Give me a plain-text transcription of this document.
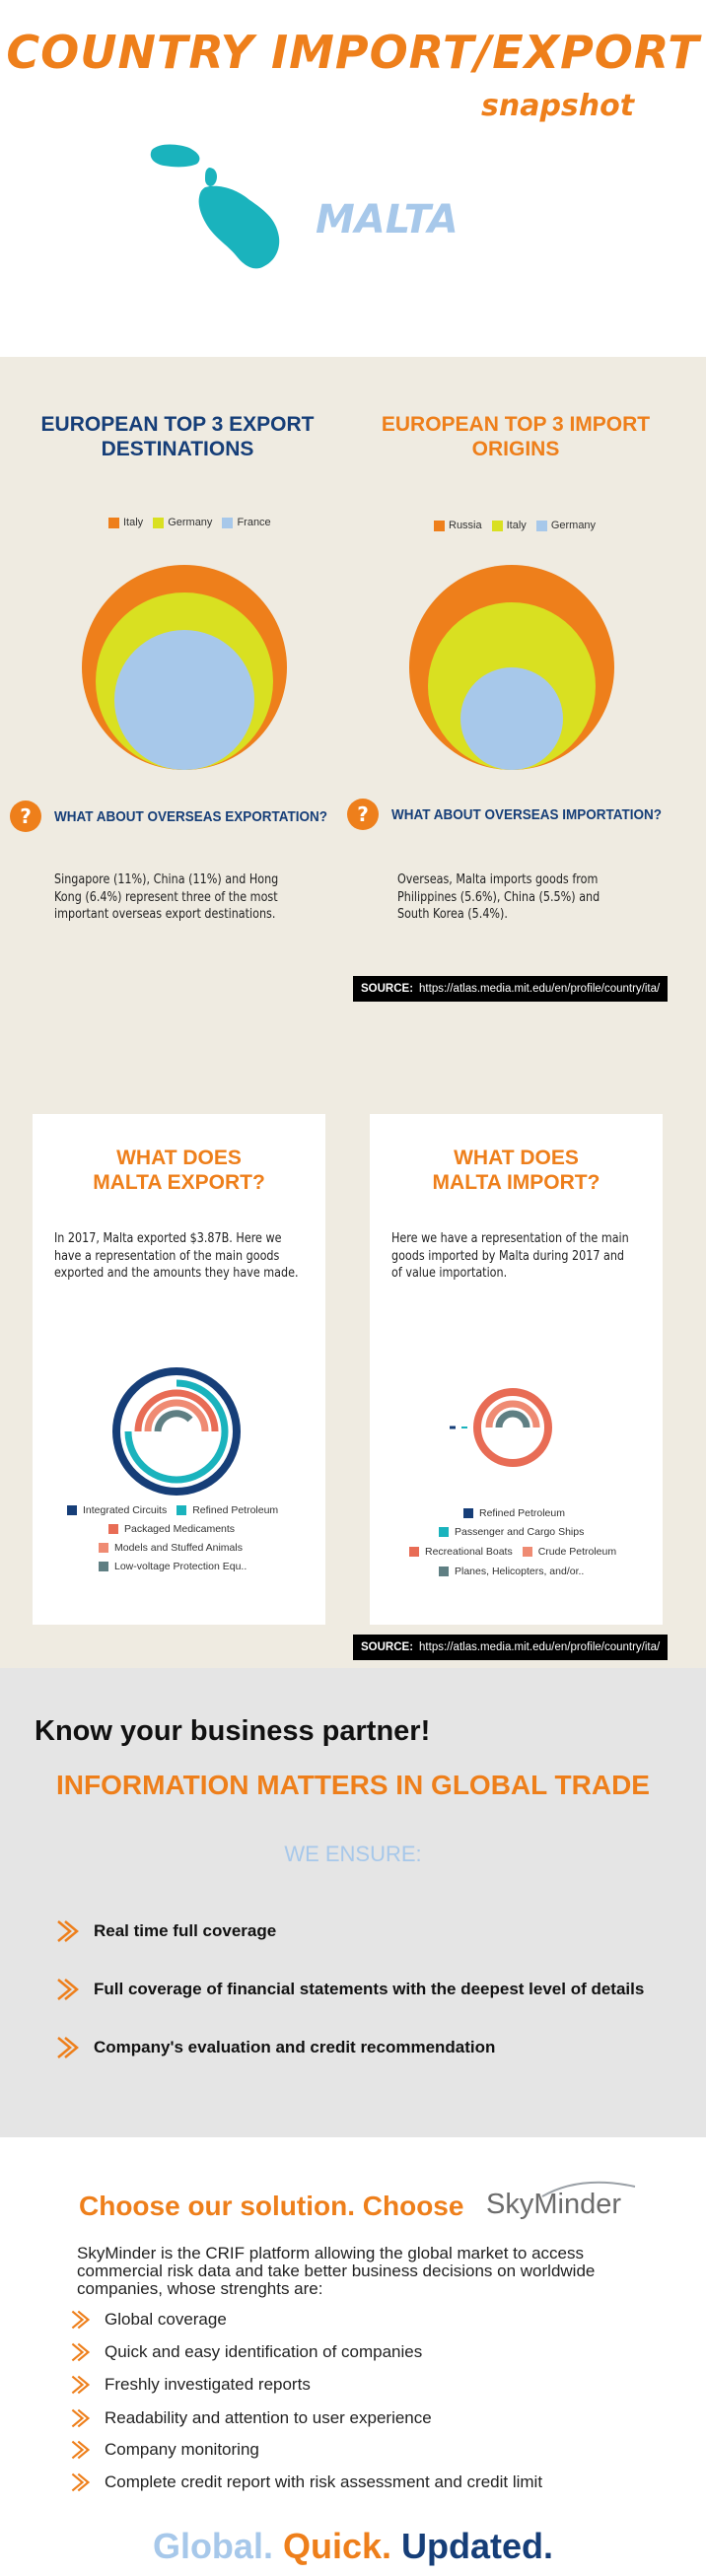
COUNTRY IMPORT/EXPORT
snapshot
MALTA
EUROPEAN TOP 3 EXPORT DESTINATIONS
EUROPEAN TOP 3 IMPORT ORIGINS
Italy Germany France	Russia Italy Germany
?	WHAT ABOUT OVERSEAS EXPORTATION?	?	WHAT ABOUT OVERSEAS IMPORTATION?
Singapore (11%), China (11%) and Hong Kong (6.4%) represent three of the most important overseas export destinations.
Overseas, Malta imports goods from Philippines (5.6%), China (5.5%) and South Korea (5.4%).
SOURCE: https://atlas.media.mit.edu/en/profile/country/ita/
WHAT DOES
MALTA EXPORT?
In 2017, Malta exported $3.87B. Here we have a representation of the main goods exported and the amounts they have made.
Integrated Circuits Refined Petroleum
Packaged Medicaments
Models and Stuffed Animals
Low-voltage Protection Equ..
WHAT DOES
MALTA IMPORT?
Here we have a representation of the main goods imported by Malta during 2017 and of value importation.
Refined Petroleum
Passenger and Cargo Ships
Recreational Boats Crude Petroleum
Planes, Helicopters, and/or..
SOURCE: https://atlas.media.mit.edu/en/profile/country/ita/
Know your business partner!
INFORMATION MATTERS IN GLOBAL TRADE
WE ENSURE:
Real time full coverage
Full coverage of financial statements with the deepest level of details
Company's evaluation and credit recommendation
Choose our solution. Choose SkyMinder
SkyMinder is the CRIF platform allowing the global market to access commercial risk data and take better business decisions on worldwide companies, whose strenghts are:
Global coverage
Quick and easy identification of companies
Freshly investigated reports
Readability and attention to user experience
Company monitoring
Complete credit report with risk assessment and credit limit
Global. Quick. Updated.
